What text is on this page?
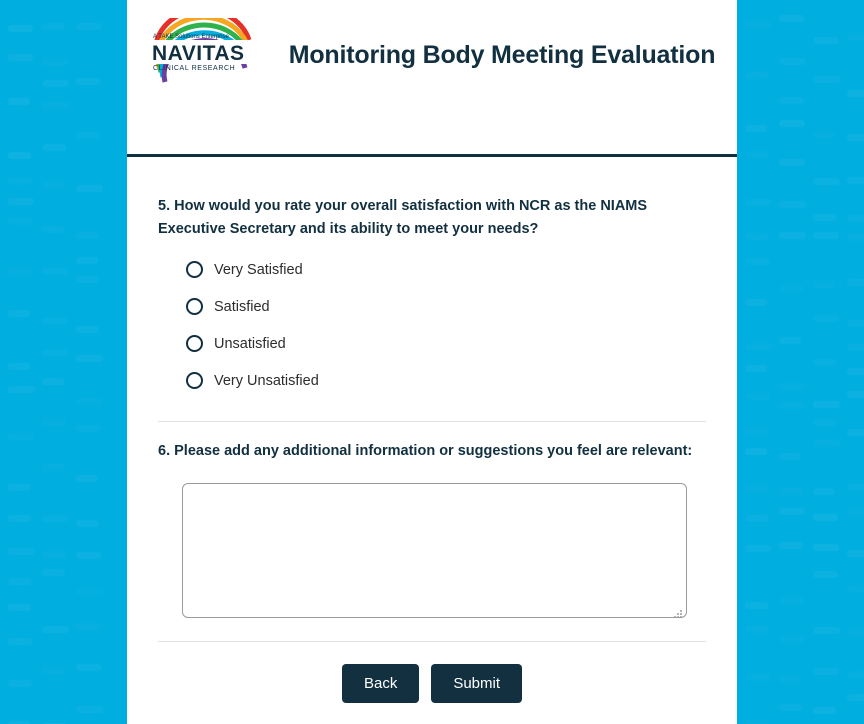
A TAKE Solutions Enterprise
NAVITAS
CLINICAL RESEARCH	Monitoring Body Meeting Evaluation

5. How would you rate your overall satisfaction with NCR as the NIAMS Executive Secretary and its ability to meet your needs?

Very Satisfied
Satisfied
Unsatisfied
Very Unsatisfied

6. Please add any additional information or suggestions you feel are relevant:

Back	Submit
